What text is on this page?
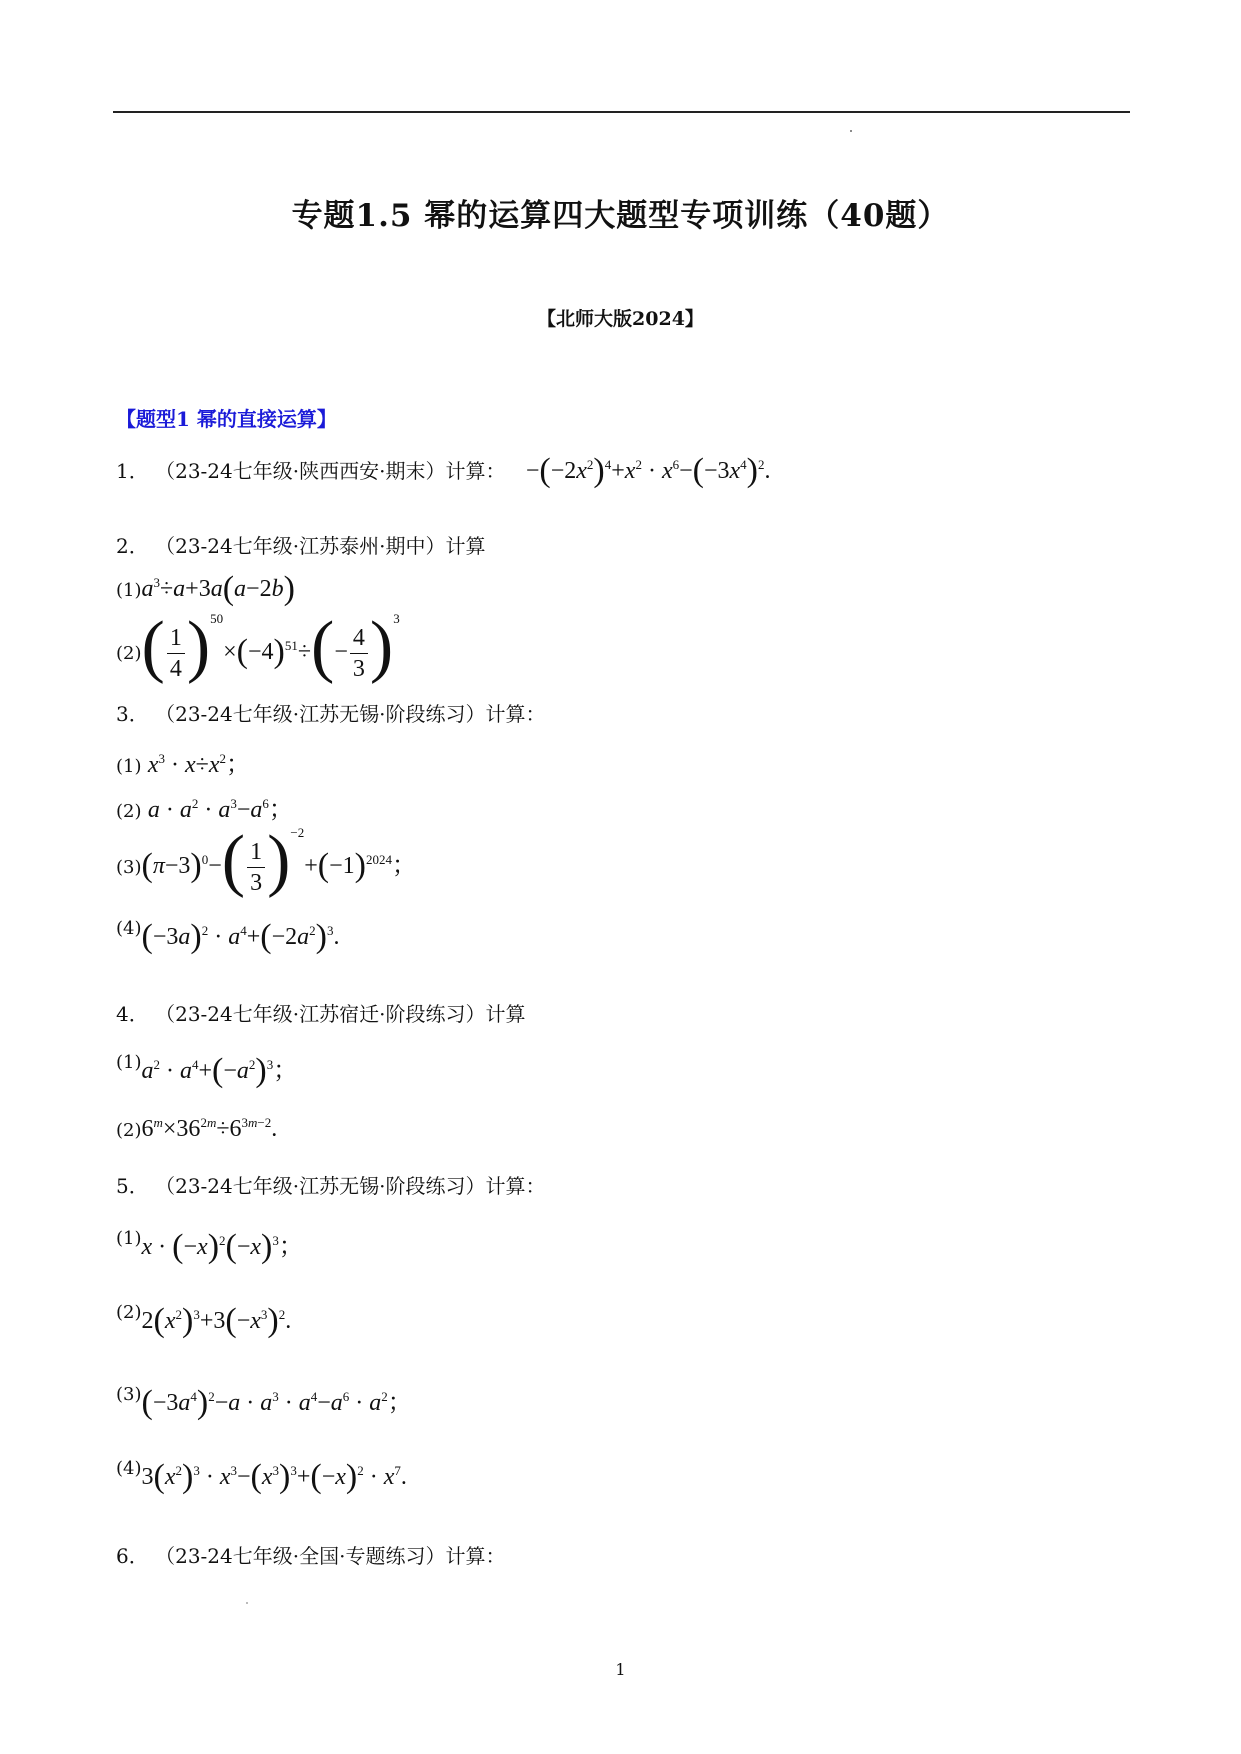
专题1.5 幂的运算四大题型专项训练（40题）
【北师大版2024】
【题型1 幂的直接运算】
1． （23-24七年级·陕西西安·期末）计算： $-(-2x^2)^4+x^2 \cdot x^6-(-3x^4)^2$.
2． （23-24七年级·江苏泰州·期中）计算
$(1)a^3\div a+3a(a-2b)$
$(2)( \frac{1}{4} )^{50}\times(-4)^{51}\div(- \frac{4}{3} )^3$
3． （23-24七年级·江苏无锡·阶段练习）计算：
(1) $x^3 \cdot x\div x^2$；
(2) $a \cdot a^2 \cdot a^3-a^6$；
$(3)(\pi-3)^0-( \frac{1}{3} )^{-2}+(-1)^{2024}$；
$(4)(-3a)^2 \cdot a^4+(-2a^2)^3$.
4． （23-24七年级·江苏宿迁·阶段练习）计算
$(1)a^2 \cdot a^4+(-a^2)^3$；
$(2)6^m\times 36^{2m}\div 6^{3m-2}$.
5． （23-24七年级·江苏无锡·阶段练习）计算：
$(1)x \cdot (-x)^2(-x)^3$；
$(2)2(x^2)^3+3(-x^3)^2$.
$(3)(-3a^4)^2-a \cdot a^3 \cdot a^4-a^6 \cdot a^2$；
$(4)3(x^2)^3 \cdot x^3-(x^3)^3+(-x)^2 \cdot x^7$.
6． （23-24七年级·全国·专题练习）计算：
1
